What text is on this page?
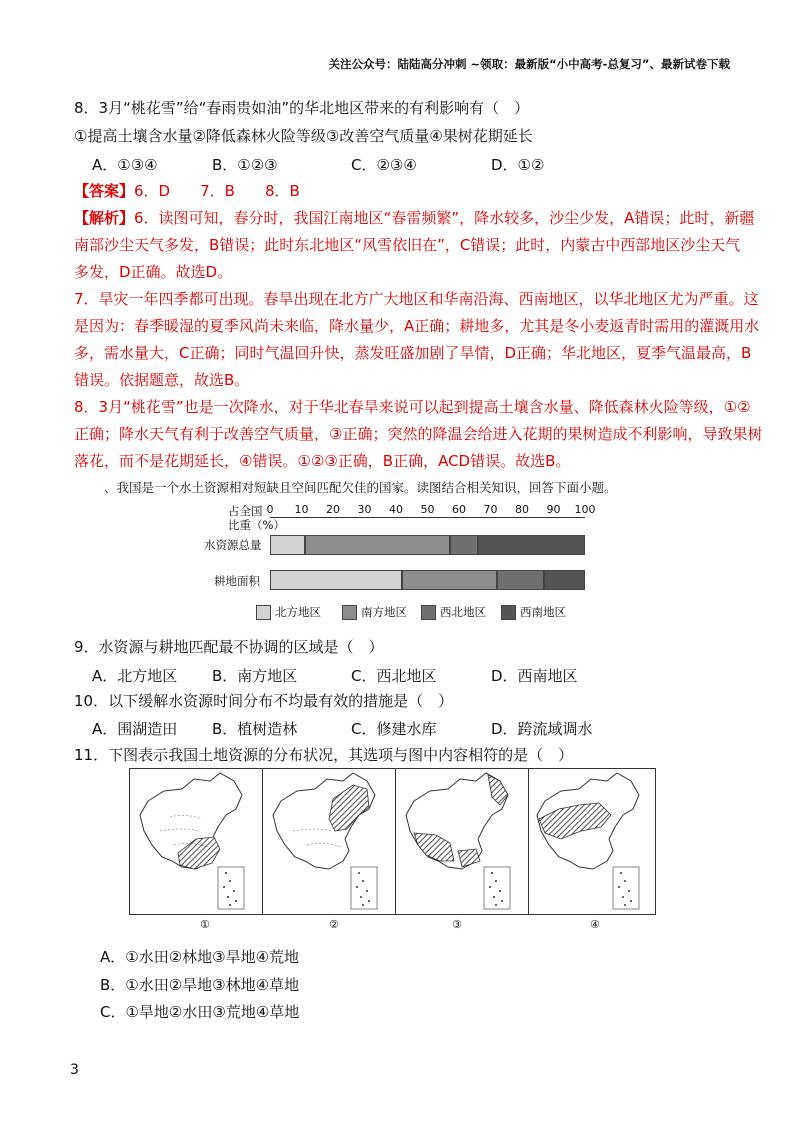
关注公众号：陆陆高分冲刺 ~领取：最新版“小中高考-总复习”、最新试卷下载
8．3月“桃花雪”给“春雨贵如油”的华北地区带来的有利影响有（　）
①提高土壤含水量②降低森林火险等级③改善空气质量④果树花期延长
A．①③④	B．①②③	C．②③④	D．①②
【答案】6．D　　7．B　　8．B
【解析】6．读图可知，春分时，我国江南地区“春雷频繁”，降水较多，沙尘少发，A错误；此时，新疆
南部沙尘天气多发，B错误；此时东北地区“风雪依旧在”，C错误；此时，内蒙古中西部地区沙尘天气
多发，D正确。故选D。
7．旱灾一年四季都可出现。春旱出现在北方广大地区和华南沿海、西南地区，以华北地区尤为严重。这
是因为：春季暖湿的夏季风尚未来临，降水量少，A正确；耕地多，尤其是冬小麦返青时需用的灌溉用水
多，需水量大，C正确；同时气温回升快，蒸发旺盛加剧了旱情，D正确；华北地区，夏季气温最高，B
错误。依据题意，故选B。
8．3月“桃花雪”也是一次降水，对于华北春旱来说可以起到提高土壤含水量、降低森林火险等级，①②
正确；降水天气有利于改善空气质量，③正确；突然的降温会给进入花期的果树造成不利影响，导致果树
落花，而不是花期延长，④错误。①②③正确，B正确，ACD错误。故选B。
、我国是一个水土资源相对短缺且空间匹配欠佳的国家。读图结合相关知识，回答下面小题。
占全国
比重（%）
0	10	20	30	40	50	60	70	80	90	100
水资源总量
耕地面积
北方地区	南方地区	西北地区	西南地区
9．水资源与耕地匹配最不协调的区域是（　）
A．北方地区 B．南方地区	C．西北地区	D．西南地区
10．以下缓解水资源时间分布不均最有效的措施是（　）
A．围湖造田 B．植树造林	C．修建水库	D．跨流域调水
11．下图表示我国土地资源的分布状况，其选项与图中内容相符的是（　）
①	②	③	④
A．①水田②林地③旱地④荒地
B．①水田②旱地③林地④草地
C．①旱地②水田③荒地④草地
3
